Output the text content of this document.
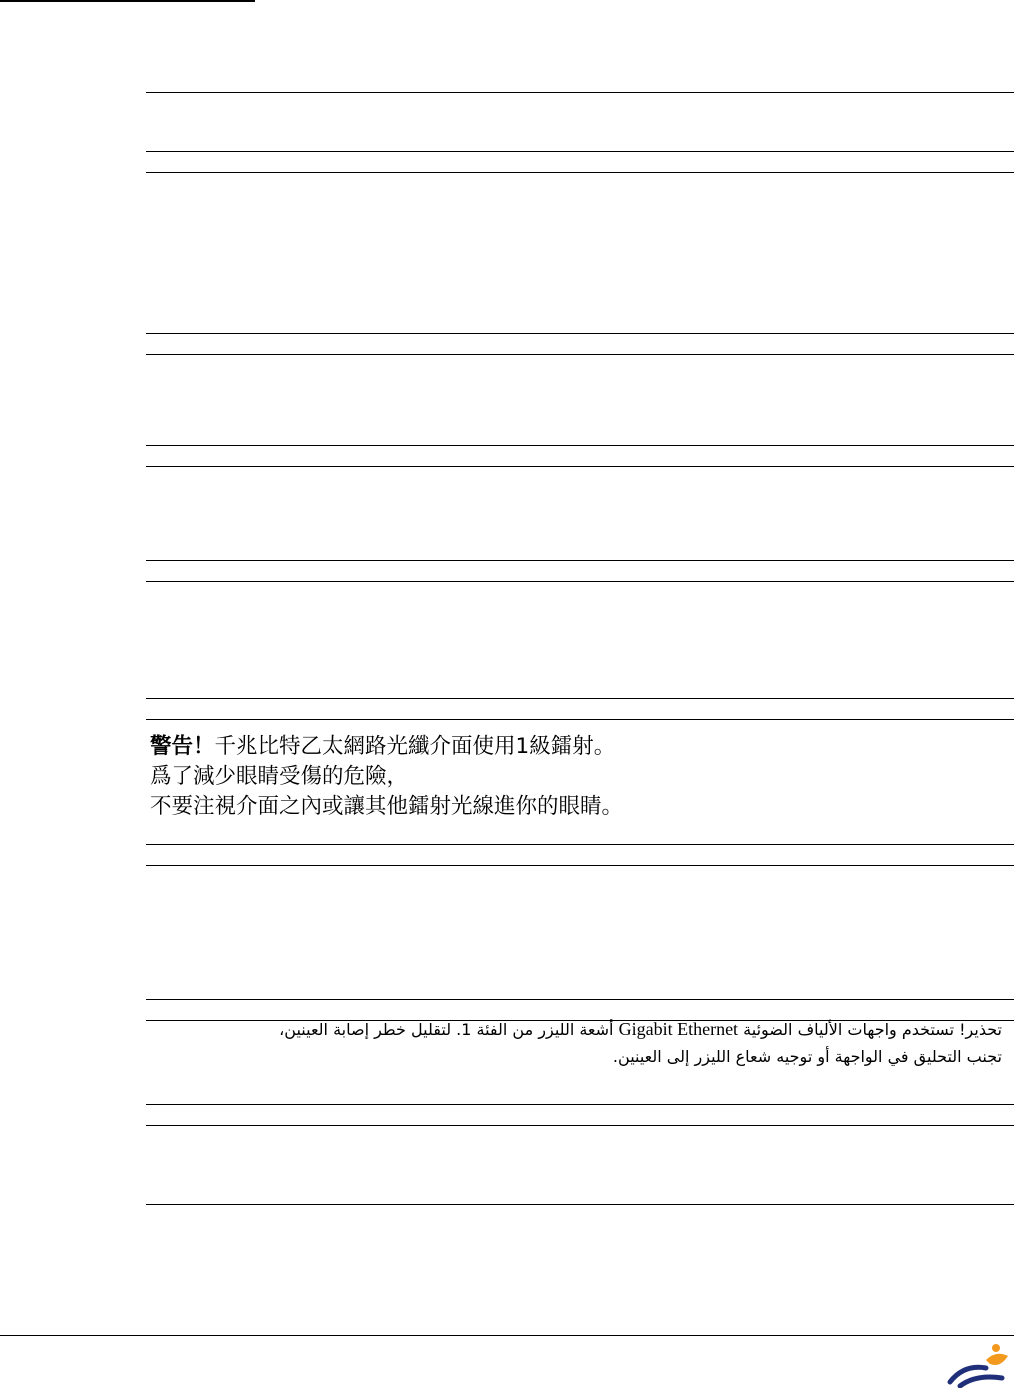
警告！千兆比特乙太網路光纖介面使用1級鐳射。
爲了減少眼睛受傷的危險，
不要注視介面之內或讓其他鐳射光線進你的眼睛。
تحذير! تستخدم واجهات الألياف الضوئية Gigabit Ethernet أشعة الليزر من الفئة 1. لتقليل خطر إصابة العينين،
تجنب التحليق في الواجهة أو توجيه شعاع الليزر إلى العينين.
